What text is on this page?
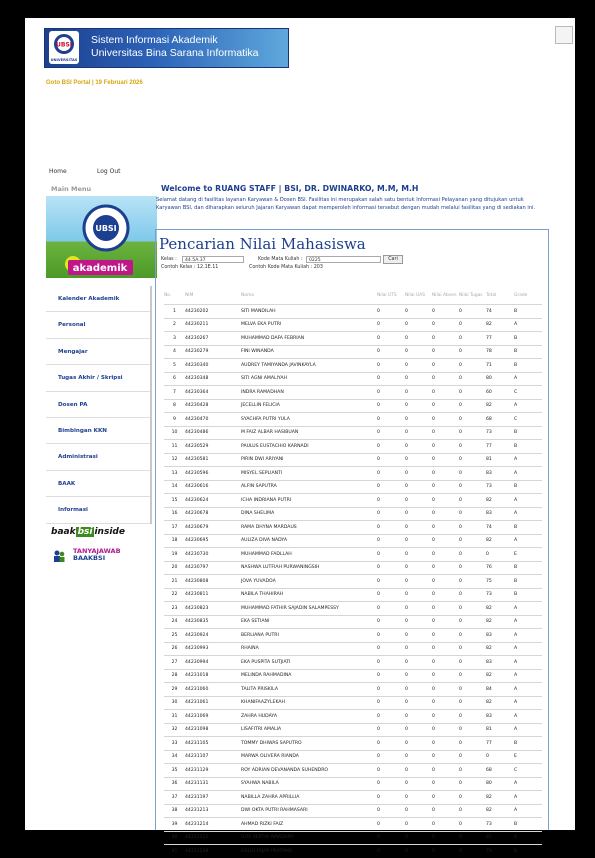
UBSI
UNIVERSITAS
Sistem Informasi Akademik
Universitas Bina Sarana Informatika
Goto BSI Portal | 19 Februari 2026
Home	Log Out
Main Menu
UBSI
akademik
Kalender Akademik
Personal
Mengajar
Tugas Akhir / Skripsi
Dosen PA
Bimbingan KKN
Administrasi
BAAK
Informasi
baak bsi inside
TANYAJAWAB
BAAKBSI
Welcome to RUANG STAFF | BSI, DR. DWINARKO, M.M, M.H
Selamat datang di fasilitas layanan Karyawan & Dosen BSI. Fasilitas ini merupakan salah satu bentuk Informasi Pelayanan yang ditujukan untuk Karyawan BSI, dan diharapkan seluruh Jajaran Karyawan dapat memperoleh informasi tersebut dengan mudah melalui fasilitas yang di sediakan ini.
Pencarian Nilai Mahasiswa
Kelas :	44.5A.37	Kode Mata Kuliah :	0225	Cari
Contoh Kelas : 12.1E.11	Contoh Kode Mata Kuliah : 203
No.	NIM	Nama	Nilai UTS	Nilai UAS	Nilai Absen	Nilai Tugas	Total	Grade
1	44230202	SITI MANDILAH	0	0	0	0	74	B
2	44230211	MELVA EKA PUTRI	0	0	0	0	82	A
3	44230267	MUHAMMAD DAFA FEBRIAN	0	0	0	0	77	B
4	44230279	FINI WINANDA	0	0	0	0	78	B
5	44230340	AUDREY TAMIYANDA JAVINKAYLA	0	0	0	0	71	B
6	44230348	SITI AGNI AMALIYAH	0	0	0	0	80	A
7	44230364	INDRA RAMADHAN	0	0	0	0	60	C
8	44230428	JECELLIN FELICIA	0	0	0	0	82	A
9	44230470	SYACHFA PUTRI YULA	0	0	0	0	68	C
10	44230486	M FAIZ ALBAR HASIBUAN	0	0	0	0	73	B
11	44230529	PAULUS EUSTACHIO KARNADI	0	0	0	0	77	B
12	44230581	PIRIN DWI ARIYANI	0	0	0	0	81	A
13	44230596	MISYEL SEPLIANTI	0	0	0	0	83	A
14	44230616	ALFIN SAPUTRA	0	0	0	0	73	B
15	44230624	ICHA INDRIANA PUTRI	0	0	0	0	82	A
16	44230678	DINA SHELIMA	0	0	0	0	83	A
17	44230679	RAMA DHYNA MARDAUS	0	0	0	0	74	B
18	44230695	AULIZA DIVA NADYA	0	0	0	0	82	A
19	44230730	MUHAMMAD FADLLAH	0	0	0	0	0	E
20	44230797	NASHWA LUTFIAH PURWANINGSIH	0	0	0	0	76	B
21	44230808	JOVA YUVADOA	0	0	0	0	75	B
22	44230811	NABILA THAHIRAH	0	0	0	0	73	B
23	44230823	MUHAMMAD FATHIR SAJADIN SALAMPESSY	0	0	0	0	82	A
24	44230835	EKA SETIANI	0	0	0	0	82	A
25	44230924	BERLIANA PUTRI	0	0	0	0	83	A
26	44230993	RHAINA	0	0	0	0	82	A
27	44230994	EKA PUSPITA SUTJIATI	0	0	0	0	83	A
28	44231018	MELINDA RAHMADINA	0	0	0	0	82	A
29	44231060	TALITA PRISKILA	0	0	0	0	84	A
30	44231061	KHANIFAAZYLEKAH	0	0	0	0	82	A
31	44231069	ZAHRA HUDAYA	0	0	0	0	83	A
32	44231098	LISAFITRI AMALIA	0	0	0	0	81	A
33	44231105	TOMMY DHIWAS SAPUTRO	0	0	0	0	77	B
34	44231107	MARWA OLIVERA RIANDA	0	0	0	0	0	E
35	44231129	ROY ADRIAN DEVANANDA SUHENDRO	0	0	0	0	68	C
36	44231131	SYAHWA NABILA	0	0	0	0	80	A
37	44231197	NABILLA ZAHRA APRILLIA	0	0	0	0	82	A
38	44231213	DWI OKTA PUTRI RAHMASARI	0	0	0	0	82	A
39	44231214	AHMAD RIZKI FAIZ	0	0	0	0	73	B
40	44231225	GITA SEPTIA WARDANY	0	0	0	0	81	A
41	44231248	GALIH FAJAR PRATAMA	0	0	0	0	79	B
